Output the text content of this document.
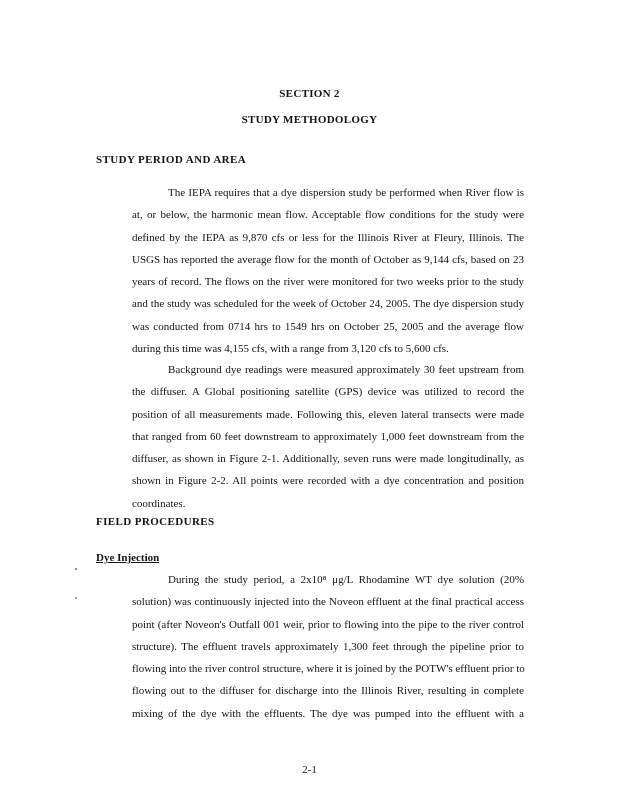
SECTION 2
STUDY METHODOLOGY
STUDY PERIOD AND AREA
The IEPA requires that a dye dispersion study be performed when River flow is
at, or below, the harmonic mean flow. Acceptable flow conditions for the study were
defined by the IEPA as 9,870 cfs or less for the Illinois River at Fleury, Illinois. The
USGS has reported the average flow for the month of October as 9,144 cfs, based on 23
years of record. The flows on the river were monitored for two weeks prior to the study
and the study was scheduled for the week of October 24, 2005. The dye dispersion study
was conducted from 0714 hrs to 1549 hrs on October 25, 2005 and the average flow
during this time was 4,155 cfs, with a range from 3,120 cfs to 5,600 cfs.
Background dye readings were measured approximately 30 feet upstream from
the diffuser. A Global positioning satellite (GPS) device was utilized to record the
position of all measurements made. Following this, eleven lateral transects were made
that ranged from 60 feet downstream to approximately 1,000 feet downstream from the
diffuser, as shown in Figure 2-1. Additionally, seven runs were made longitudinally, as
shown in Figure 2-2. All points were recorded with a dye concentration and position
coordinates.
FIELD PROCEDURES
Dye Injection
During the study period, a 2x10⁸ μg/L Rhodamine WT dye solution (20%
solution) was continuously injected into the Noveon effluent at the final practical access
point (after Noveon's Outfall 001 weir, prior to flowing into the pipe to the river control
structure). The effluent travels approximately 1,300 feet through the pipeline prior to
flowing into the river control structure, where it is joined by the POTW's effluent prior to
flowing out to the diffuser for discharge into the Illinois River, resulting in complete
mixing of the dye with the effluents. The dye was pumped into the effluent with a
2-1
